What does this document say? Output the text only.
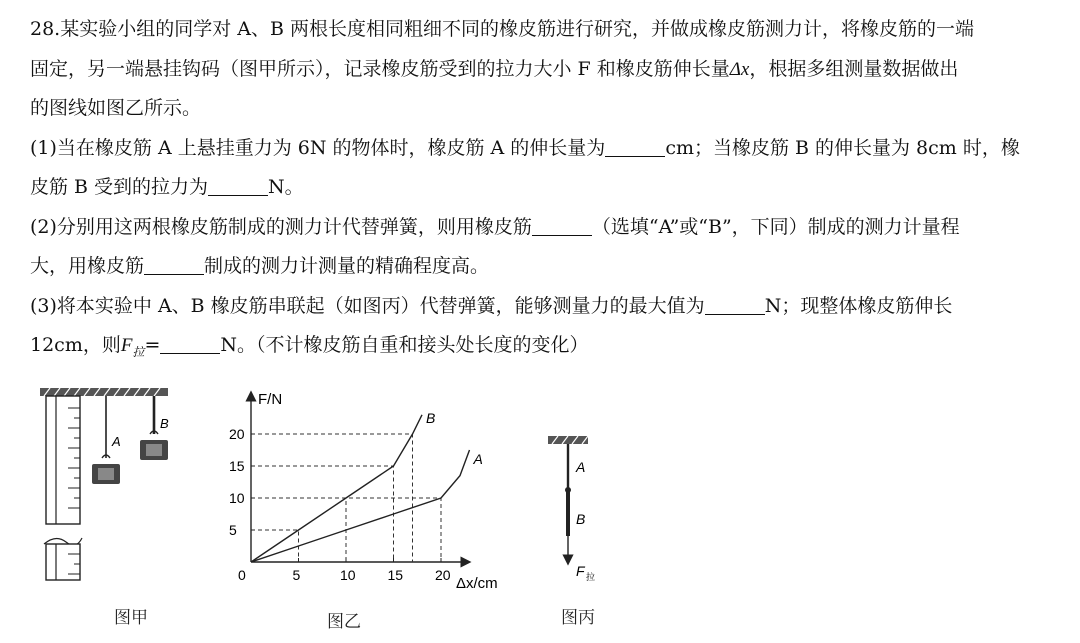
28.某实验小组的同学对 A、B 两根长度相同粗细不同的橡皮筋进行研究，并做成橡皮筋测力计，将橡皮筋的一端
固定，另一端悬挂钩码（图甲所示），记录橡皮筋受到的拉力大小 F 和橡皮筋伸长量Δx，根据多组测量数据做出
的图线如图乙所示。
(1)当在橡皮筋 A 上悬挂重力为 6N 的物体时，橡皮筋 A 的伸长量为	cm；当橡皮筋 B 的伸长量为 8cm 时，橡
皮筋 B 受到的拉力为	N。
(2)分别用这两根橡皮筋制成的测力计代替弹簧，则用橡皮筋	（选填“A”或“B”，下同）制成的测力计量程
大，用橡皮筋	制成的测力计测量的精确程度高。
(3)将本实验中 A、B 橡皮筋串联起（如图丙）代替弹簧，能够测量力的最大值为	N；现整体橡皮筋伸长
12cm，则$F_拉=$	N。（不计橡皮筋自重和接头处长度的变化）
A
B
图甲
F/N
Δx/cm
0	5	10 15 20
5
10
15
20
A
B
图乙
A
B
F 拉
图丙
